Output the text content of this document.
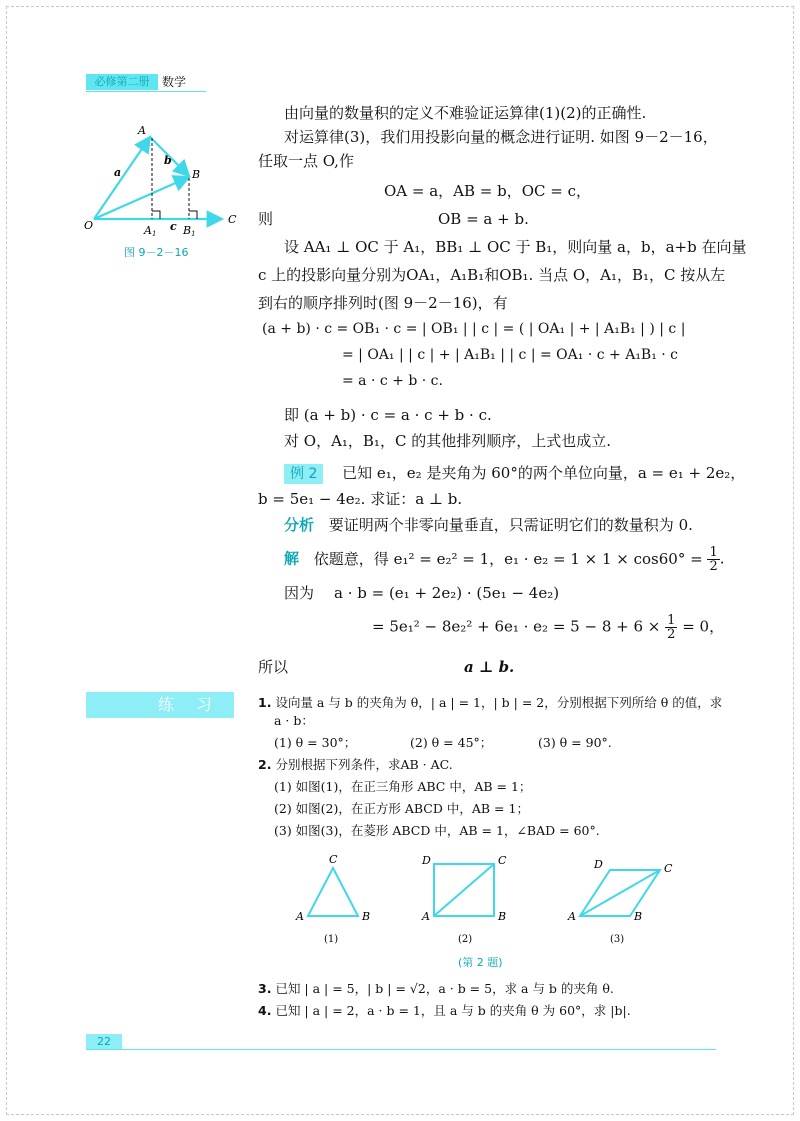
必修第二册	数学
A
B
O	C
a
b
c
A1 B1
图 9－2－16
由向量的数量积的定义不难验证运算律(1)(2)的正确性.
对运算律(3)，我们用投影向量的概念进行证明. 如图 9－2－16，
任取一点 O,作
OA = a，AB = b，OC = c，
则	OB = a + b.
设 AA₁ ⊥ OC 于 A₁，BB₁ ⊥ OC 于 B₁，则向量 a，b，a+b 在向量
c 上的投影向量分别为OA₁，A₁B₁和OB₁. 当点 O，A₁，B₁，C 按从左
到右的顺序排列时(图 9－2－16)，有
(a + b) · c = OB₁ · c = | OB₁ | | c | = ( | OA₁ | + | A₁B₁ | ) | c |
= | OA₁ | | c | + | A₁B₁ | | c | = OA₁ · c + A₁B₁ · c
= a · c + b · c.
即 (a + b) · c = a · c + b · c.
对 O，A₁，B₁，C 的其他排列顺序，上式也成立.
例 2 已知 e₁，e₂ 是夹角为 60°的两个单位向量，a = e₁ + 2e₂，
b = 5e₁ − 4e₂. 求证：a ⊥ b.
分析 要证明两个非零向量垂直，只需证明它们的数量积为 0.
解 依题意，得 e₁² = e₂² = 1，$e_1 \cdot e_2 = 1 \times 1 \times \cos 60^\circ = \frac{1}{2}$ .
因为 a · b = (e₁ + 2e₂) · (5e₁ − 4e₂)
= $5e_1^2 - 8e_2^2 + 6e_1 \cdot e_2 = 5 - 8 + 6 \times \frac{1}{2} = 0$，
所以	a ⊥ b.
练习 1. 设向量 a 与 b 的夹角为 θ，| a | = 1，| b | = 2，分别根据下列所给 θ 的值，求
a · b：
(1) θ = 30°；	(2) θ = 45°；	(3) θ = 90°.
2. 分别根据下列条件，求AB · AC.
(1) 如图(1)，在正三角形 ABC 中，AB = 1；
(2) 如图(2)，在正方形 ABCD 中，AB = 1；
(3) 如图(3)，在菱形 ABCD 中，AB = 1，∠BAD = 60°.
C
A	B
(1)
D	C
A	B
(2)
D	C
A	B
(3)
(第 2 题)
3. 已知 | a | = 5，| b | = √2，a · b = 5，求 a 与 b 的夹角 θ.
4. 已知 | a | = 2，a · b = 1，且 a 与 b 的夹角 θ 为 60°，求 |b|.
22
